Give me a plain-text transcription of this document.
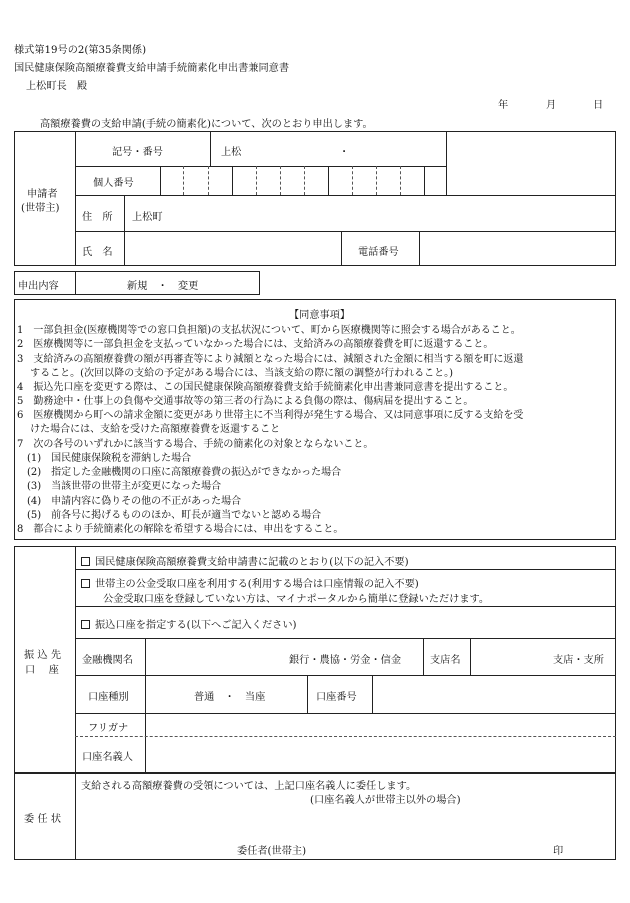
様式第19号の2(第35条関係)
国民健康保険高額療養費支給申請手続簡素化申出書兼同意書
上松町長　殿
年	月	日
高額療養費の支給申請(手続の簡素化)について、次のとおり申出します。
申請者
(世帯主)
記号・番号	上松	・
個人番号
住　所 上松町
氏　名	電話番号
申出内容	新規　・　変更
【同意事項】
1　一部負担金(医療機関等での窓口負担額)の支払状況について、町から医療機関等に照会する場合があること。
2　医療機関等に一部負担金を支払っていなかった場合には、支給済みの高額療養費を町に返還すること。
3　支給済みの高額療養費の額が再審査等により減額となった場合には、減額された金額に相当する額を町に返還
　 すること。(次回以降の支給の予定がある場合には、当該支給の際に額の調整が行われること。)
4　振込先口座を変更する際は、この国民健康保険高額療養費支給手続簡素化申出書兼同意書を提出すること。
5　勤務途中・仕事上の負傷や交通事故等の第三者の行為による負傷の際は、傷病届を提出すること。
6　医療機関から町への請求金額に変更があり世帯主に不当利得が発生する場合、又は同意事項に反する支給を受
　 けた場合には、支給を受けた高額療養費を返還すること
7　次の各号のいずれかに該当する場合、手続の簡素化の対象とならないこと。
　(1)　国民健康保険税を滞納した場合
　(2)　指定した金融機関の口座に高額療養費の振込ができなかった場合
　(3)　当該世帯の世帯主が変更になった場合
　(4)　申請内容に偽りその他の不正があった場合
　(5)　前各号に掲げるもののほか、町長が適当でないと認める場合
8　都合により手続簡素化の解除を希望する場合には、申出をすること。
振 込 先
口　 座
国民健康保険高額療養費支給申請書に記載のとおり(以下の記入不要)
世帯主の公金受取口座を利用する(利用する場合は口座情報の記入不要)
公金受取口座を登録していない方は、マイナポータルから簡単に登録いただけます。
振込口座を指定する(以下へご記入ください)
金融機関名	銀行・農協・労金・信金	支店名	支店・支所
口座種別	普通　・　当座	口座番号
フリガナ
口座名義人
委 任 状
支給される高額療養費の受領については、上記口座名義人に委任します。
(口座名義人が世帯主以外の場合)
委任者(世帯主)	印
